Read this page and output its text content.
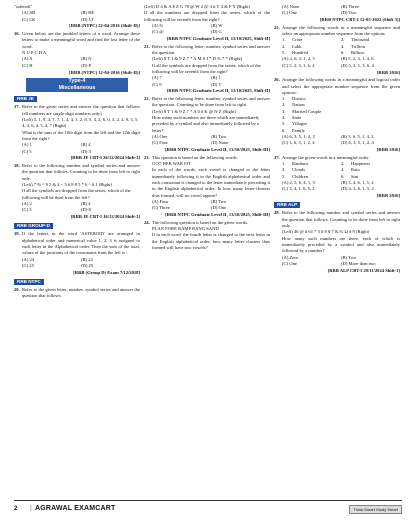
"safetrek"
(A) SR	(B) RE
(C) LK	(D) LT
[RRB (NTPC) 22-04-2016 (Shift-II)]
16. Given below are the jumbled letters of a word. Arrange these letters to make a meaningful word and find the last letter of the word.
N U P C H A
(A) A	(B) N
(C) H	(D) P
[RRB (NTPC) 12-04-2016 (Shift-II)]
Type-4
Miscellaneous
RRB JE
17. Refer to the given series and answer the question that follows (all numbers are single-digit numbers only)
(Left) 5, 1, 9, 4, 7, 7, 1, 4, 4, 1, 2, 8, 5, 4, 2, 6, 0, 3, 2, 2, 9, 3, 5, 4, 4, 6, 4, 5, 4, 7 (Right)
What is the sum of the 10th digit from the left and the 12th digit from the right?
(A) 1	(B) 4
(C) 5	(D) 3
[RRB JE CBT-I 26/12/2024 Shift-1]
18. Refer to the following number and symbol series and answer the question that follows. Counting to be done from left to right only.
(Left) 7 % ^ 9 2 & 4 < 3 # 8 8 5 * 6 ^ # 1 (Right)
If all the symbols are dropped from the series, which of the following will be third from the left?
(A) 2	(B) 4
(C) 3	(D) 8
[RRB JE CBT-I 16/12/2024 Shift-3]
RRB GROUP-D
19. If the letters in the word 'ASTEROID' are arranged in alphabetical order and numerical value 1, 2, 3 is assigned to each letter in the Alphabetical order. Then the sum of the total, values of the positions of the consonants from the left is -
(A) 24	(B) 22
(C) 25	(D) 25
[RRB (Group D) Exam 7/12/2018]
RRB NTPC
20. Refer to the given letter, number, symbol series and answer the question that follows.
(Left) D 4 & A $ Z G 78 @ W 2 @ 3 # V 4 & F Y (Right)
If all the numbers are dropped from the series, which of the following will be seventh from the right?
(A) %	(B) W
(C) @	(D) G
[RRB NTPC Graduate Level II, 13/10/2025, Shift-II]
21. Refer to the following letter, number, symbol series and answer the question.
(Left) $ T 1 & 9 Z 7 * A M S I * D % 7 * (Right)
If all the symbols are dropped from the series, which of the following will be seventh from the right?
(A) 7	(B) 1
(C) 9	(D) T
[RRB NTPC Graduate Level II, 13/10/2025, Shift-II]
22. Refer to the following letter, number, symbol series and answer the question. Counting to be done from left to right.
(Left) $ T 1 & 9 Z 7 * A 0 # K @ N Z (Right)
How many such numbers are there which are immediately preceded by a symbol and also immediately followed by a letter?
(A) One	(B) Two
(C) Four	(D) None
[RRB NTPC Graduate Level II, 13/10/2025, Shift-III]
23. This question is based on the following words.
GOT HER WAR FIT
In each of the words, each vowel is changed to the letter immediately following it in the English alphabetical order and each consonant is changed to the letter immediately preceding it in the English alphabetical order. In how many letter-clusters thus formed, will no vowel appear?
(A) Four	(B) Two
(C) Three	(D) One
[RRB NTPC Graduate Level II, 13/10/2025, Shift-III]
24. The following question is based on the given words.
PLAN FORE RAMP RANG SAND
If in each word, the fourth letter is changed to the next letter in the English alphabetical order, how many letter clusters thus formed will have two vowels?
(A) None	(B) Three
(C) One	(D) Two
[RRB NTPC CBT-2 12-05-2022 (Shift 3)]
25. Arrange the following words in a meaningful sequence and select an appropriate number sequence from the options
1.	Crore	2.	Thousand
3.	Lakh	4.	Trillion
5.	Hundred	6.	Billion
(A) 4, 6, 3, 1, 2, 5	(B) 5, 2, 3, 1, 4, 6
(C) 5, 2, 3, 1, 6, 4	(D) 5, 2, 1, 3, 6, 4
[RRB 2016]
26. Arrange the following words in a meaningful and logical order and select the appropriate number sequence from the given options -
1.	District
2.	Nation
3.	Married Couple
4.	State
5.	Villages
6.	Family
(A) 6, 3, 5, 1, 4, 2	(B) 3, 6, 5, 1, 4, 2
(C) 3, 6, 5, 1, 2, 4	(D) 6, 3, 5, 1, 2, 4
[RRB 2016]
27. Arrange the given words in a meaningful order.
1.	Rainbow	2.	Happiness
3.	Clouds	4.	Rain
5.	Children	6.	Sun
(A) 2, 5, 6, 4, 1, 3	(B) 3, 4, 6, 1, 5, 2
(C) 3, 4, 1, 6, 5, 2	(D) 4, 3, 6, 1, 5, 2
[RRB 2016]
RRB ALP
28. Refer to the following number and symbol series and answer the question that follows. Counting to be done from left to right only.
(Left) 46 @ # 61 * 5 # 8 $ 7 & % Ω # 9 (Right)
How many such numbers are there, each of which is immediately preceded by a symbol and also immediately followed by a number?
(A) Zero	(B) Two
(C) One	(D) More than two
[RRB ALP CBT-I 29/11/2024 Shift-1]
2 | AGRAWAL EXAMCART	Think Smart Study Smart
